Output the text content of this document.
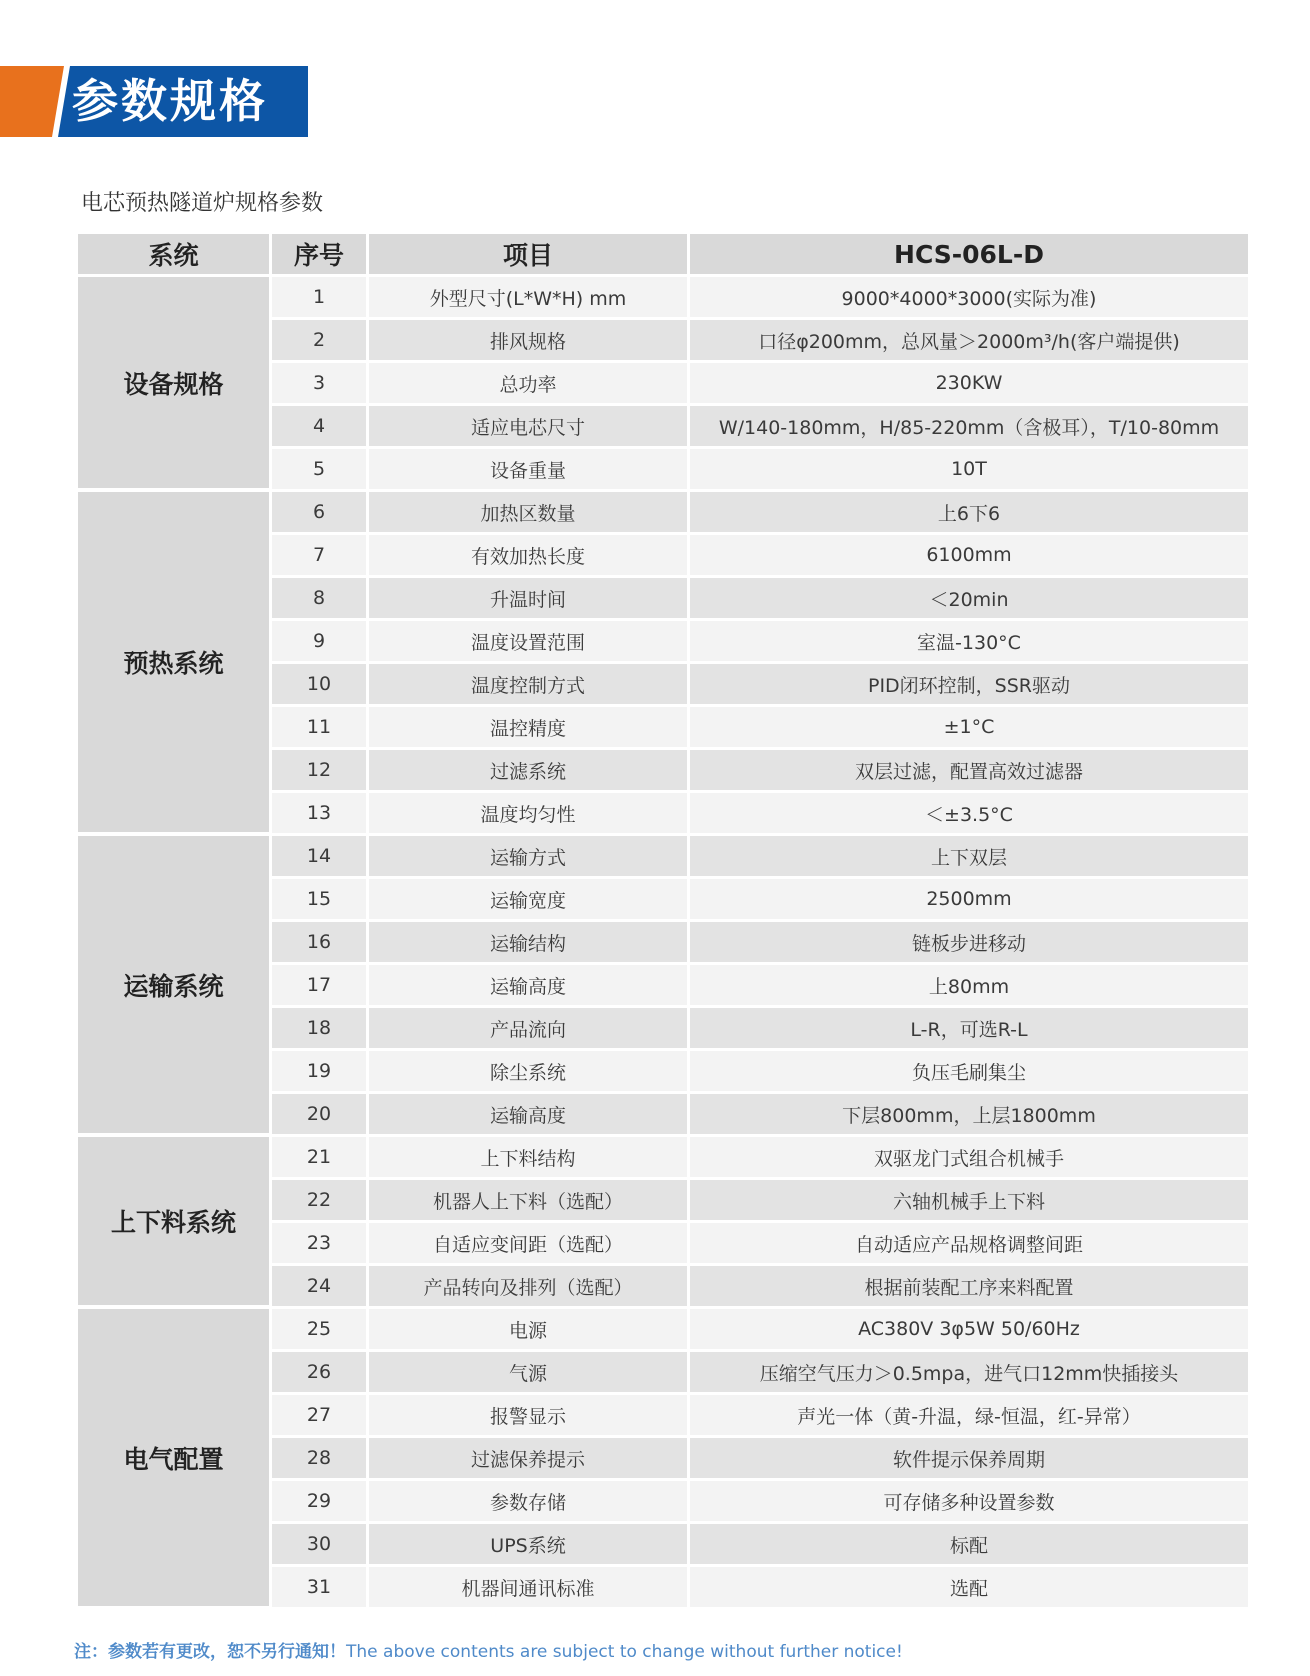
参数规格
电芯预热隧道炉规格参数
系统	序号	项目	HCS-06L-D
设备规格	1	外型尺寸(L*W*H) mm	9000*4000*3000(实际为准)
	2	排风规格	口径φ200mm，总风量＞2000m³/h(客户端提供)
	3	总功率	230KW
	4	适应电芯尺寸	W/140-180mm，H/85-220mm（含极耳），T/10-80mm
	5	设备重量	10T
预热系统	6	加热区数量	上6下6
	7	有效加热长度	6100mm
	8	升温时间	＜20min
	9	温度设置范围	室温-130°C
	10	温度控制方式	PID闭环控制，SSR驱动
	11	温控精度	±1°C
	12	过滤系统	双层过滤，配置高效过滤器
	13	温度均匀性	＜±3.5°C
运输系统	14	运输方式	上下双层
	15	运输宽度	2500mm
	16	运输结构	链板步进移动
	17	运输高度	上80mm
	18	产品流向	L-R，可选R-L
	19	除尘系统	负压毛刷集尘
	20	运输高度	下层800mm，上层1800mm
上下料系统	21	上下料结构	双驱龙门式组合机械手
	22	机器人上下料（选配）	六轴机械手上下料
	23	自适应变间距（选配）	自动适应产品规格调整间距
	24	产品转向及排列（选配）	根据前装配工序来料配置
电气配置	25	电源	AC380V 3φ5W 50/60Hz
	26	气源	压缩空气压力＞0.5mpa，进气口12mm快插接头
	27	报警显示	声光一体（黄-升温，绿-恒温，红-异常）
	28	过滤保养提示	软件提示保养周期
	29	参数存储	可存储多种设置参数
	30	UPS系统	标配
	31	机器间通讯标准	选配
注：参数若有更改，恕不另行通知！The above contents are subject to change without further notice!
